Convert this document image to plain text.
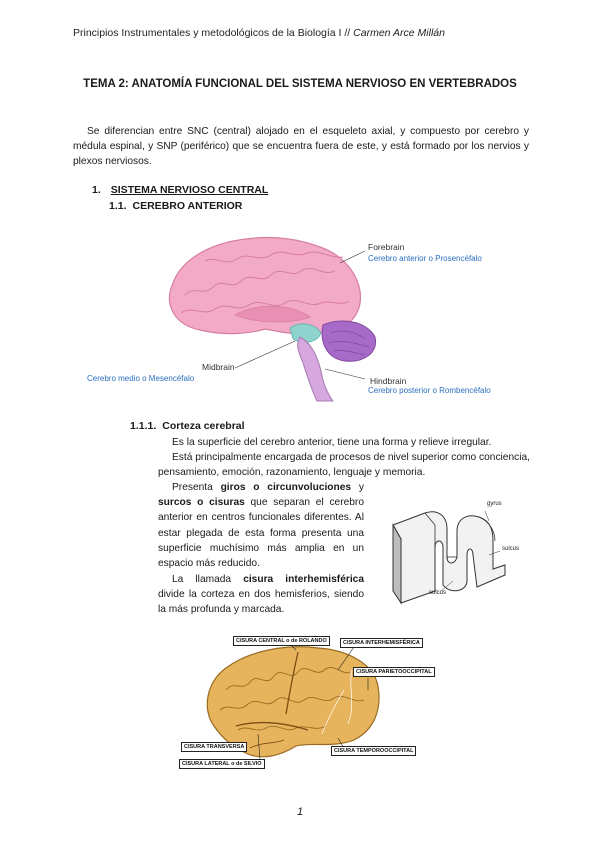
Principios Instrumentales y metodológicos de la Biología I // Carmen Arce Millán
TEMA 2: ANATOMÍA FUNCIONAL DEL SISTEMA NERVIOSO EN VERTEBRADOS
Se diferencian entre SNC (central) alojado en el esqueleto axial, y compuesto por cerebro y médula espinal, y SNP (periférico) que se encuentra fuera de este, y está formado por los nervios y plexos nerviosos.
1. SISTEMA NERVIOSO CENTRAL
1.1. CEREBRO ANTERIOR
Forebrain
Cerebro anterior o Prosencéfalo
Midbrain
Cerebro medio o Mesencéfalo	Hindbrain
Cerebro posterior o Rombencéfalo
1.1.1. Corteza cerebral
Es la superficie del cerebro anterior, tiene una forma y relieve irregular.
Está principalmente encargada de procesos de nivel superior como conciencia, pensamiento, emoción, razonamiento, lenguaje y memoria.
Presenta giros o circunvoluciones y surcos o cisuras que separan el cerebro anterior en centros funcionales diferentes. Al estar plegada de esta forma presenta una superficie muchísimo más amplia en un espacio más reducido.
La llamada cisura interhemisférica divide la corteza en dos hemisferios, siendo la más profunda y marcada.
gyrus
sulcus
sulcus
CISURA CENTRAL o de ROLANDO	CISURA INTERHEMISFÉRICA
CISURA PARIETOOCCIPITAL
CISURA TRANSVERSA
CISURA LATERAL o de SILVIO
CISURA TEMPOROOCCIPITAL
1
